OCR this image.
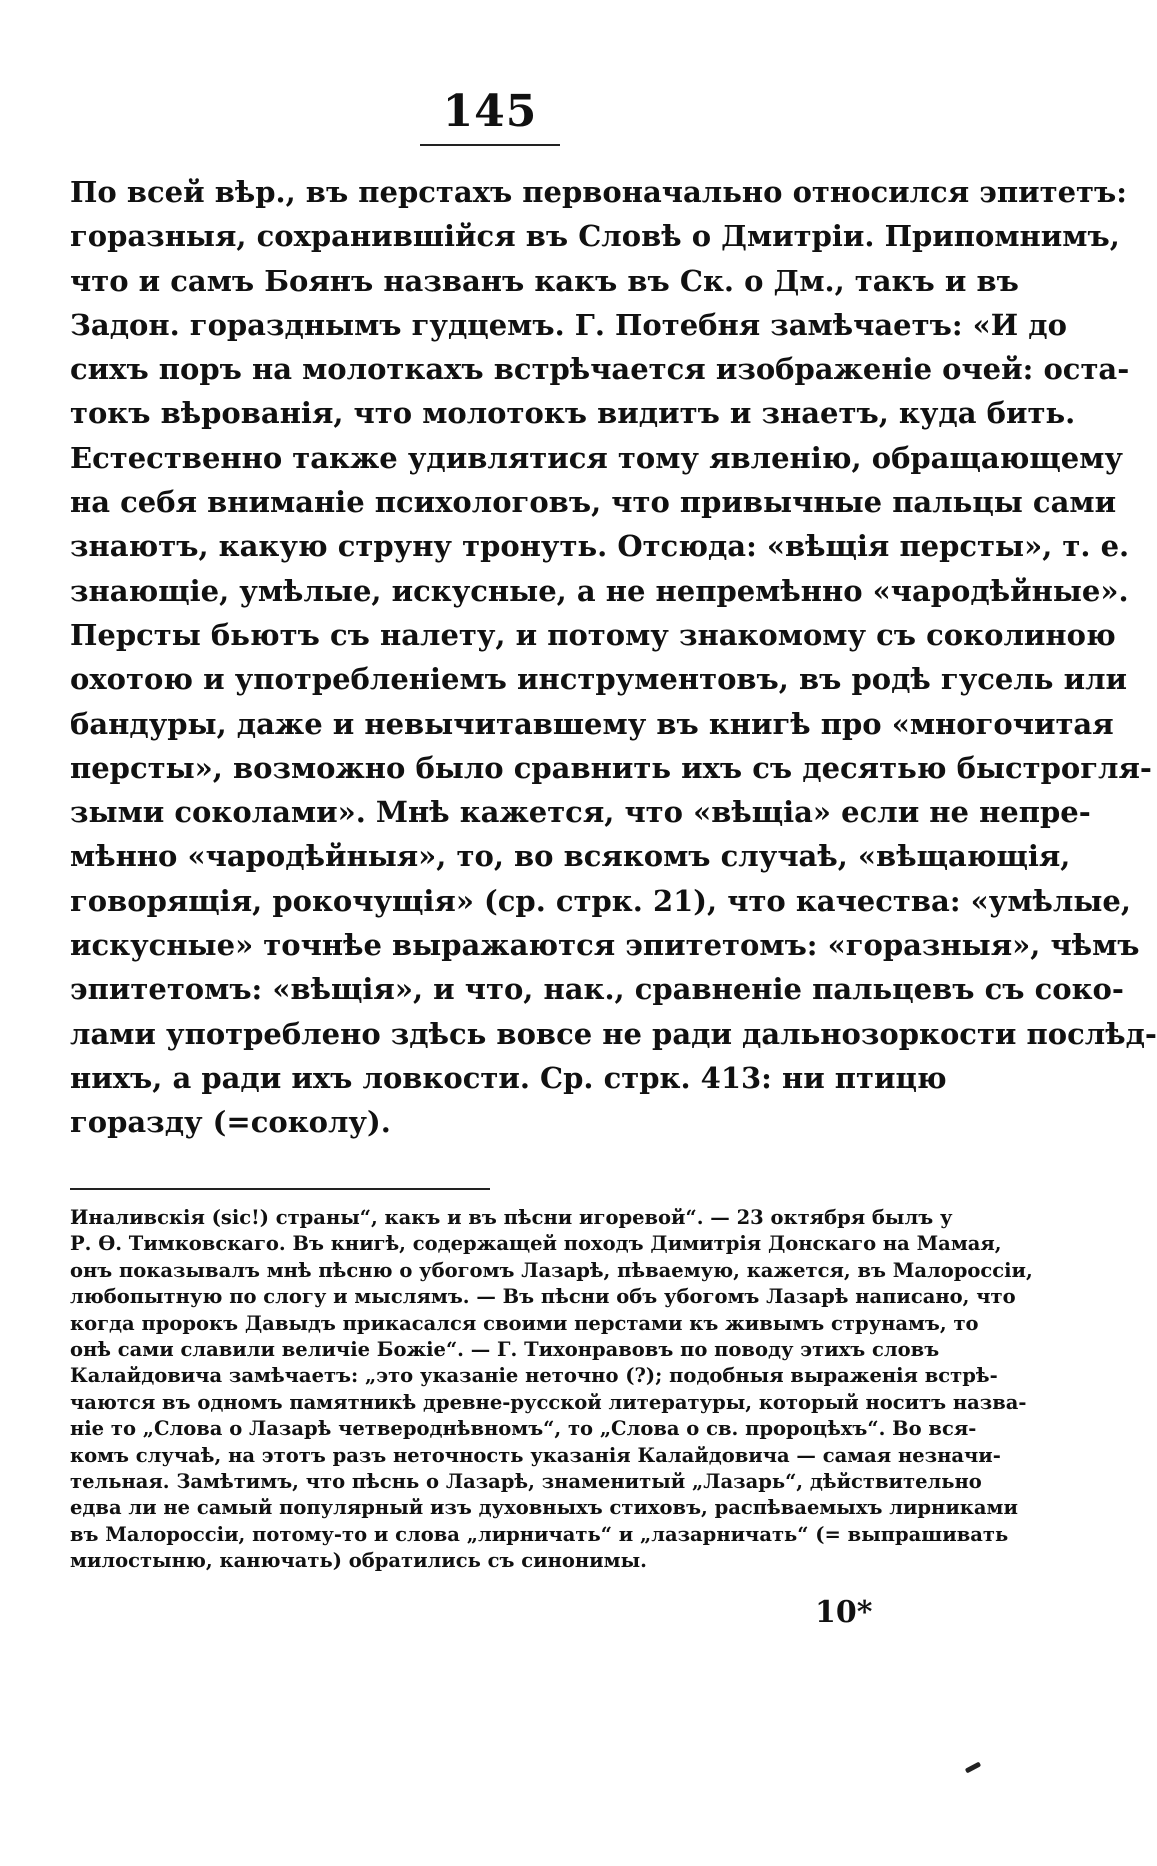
145
По всей вѣр., въ перстахъ первоначально относился эпитетъ:
горазныя, сохранившійся въ Словѣ о Дмитріи. Припомнимъ,
что и самъ Боянъ названъ какъ въ Ск. о Дм., такъ и въ
Задон. горазднымъ гудцемъ. Г. Потебня замѣчаетъ: «И до
сихъ поръ на молоткахъ встрѣчается изображеніе очей: оста-
токъ вѣрованія, что молотокъ видитъ и знаетъ, куда бить.
Естественно также удивлятися тому явленію, обращающему
на себя вниманіе психологовъ, что привычные пальцы сами
знаютъ, какую струну тронуть. Отсюда: «вѣщія персты», т. е.
знающіе, умѣлые, искусные, а не непремѣнно «чародѣйные».
Персты бьютъ съ налету, и потому знакомому съ соколиною
охотою и употребленіемъ инструментовъ, въ родѣ гусель или
бандуры, даже и невычитавшему въ книгѣ про «многочитая
персты», возможно было сравнить ихъ съ десятью быстрогля-
зыми соколами». Мнѣ кажется, что «вѣщіа» если не непре-
мѣнно «чародѣйныя», то, во всякомъ случаѣ, «вѣщающія,
говорящія, рокочущія» (ср. стрк. 21), что качества: «умѣлые,
искусные» точнѣе выражаются эпитетомъ: «горазныя», чѣмъ
эпитетомъ: «вѣщія», и что, нак., сравненіе пальцевъ съ соко-
лами употреблено здѣсь вовсе не ради дальнозоркости послѣд-
нихъ, а ради ихъ ловкости. Ср. стрк. 413: ни птицю
горазду (=соколу).
Иналивскія (sic!) страны“, какъ и въ пѣсни игоревой“. — 23 октября былъ у
Р. Ѳ. Тимковскаго. Въ книгѣ, содержащей походъ Димитрія Донскаго на Мамая,
онъ показывалъ мнѣ пѣсню о убогомъ Лазарѣ, пѣваемую, кажется, въ Малороссіи,
любопытную по слогу и мыслямъ. — Въ пѣсни объ убогомъ Лазарѣ написано, что
когда пророкъ Давыдъ прикасался своими перстами къ живымъ струнамъ, то
онѣ сами славили величіе Божіе“. — Г. Тихонравовъ по поводу этихъ словъ
Калайдовича замѣчаетъ: „это указаніе неточно (?); подобныя выраженія встрѣ-
чаются въ одномъ памятникѣ древне-русской литературы, который носитъ назва-
ніе то „Слова о Лазарѣ четвероднѣвномъ“, то „Слова о св. пророцѣхъ“. Во вся-
комъ случаѣ, на этотъ разъ неточность указанія Калайдовича — самая незначи-
тельная. Замѣтимъ, что пѣснь о Лазарѣ, знаменитый „Лазарь“, дѣйствительно
едва ли не самый популярный изъ духовныхъ стиховъ, распѣваемыхъ лирниками
въ Малороссіи, потому-то и слова „лирничать“ и „лазарничать“ (= выпрашивать
милостыню, канючать) обратились съ синонимы.
10*
